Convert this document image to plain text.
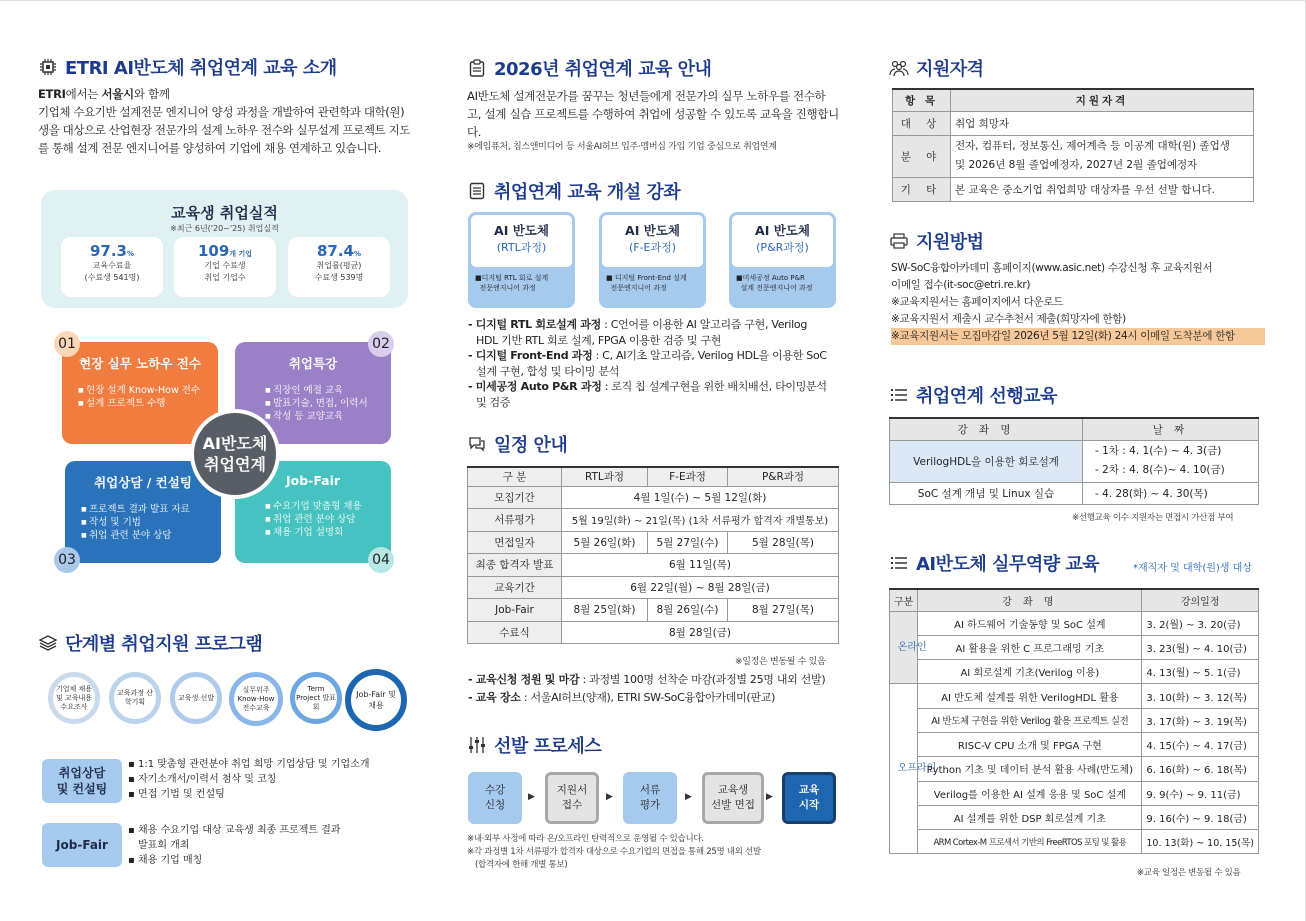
ETRI AI반도체 취업연계 교육 소개
ETRI에서는 서울시와 함께
기업체 수요기반 설계전문 엔지니어 양성 과정을 개발하여 관련학과 대학(원)생을 대상으로 산업현장 전문가의 설계 노하우 전수와 실무설계 프로젝트 지도를 통해 설계 전문 엔지니어를 양성하여 기업에 채용 연계하고 있습니다.
교육생 취업실적
※최근 6년('20~'25) 취업실적
97.3%
교육수료율
(수료생 541명)
109개 기업
기업 수료생
취업 기업수
87.4%
취업률(평균)
수료생 539명
현장 실무 노하우 전수
■ 현장 설계 Know-How 전수
■ 설계 프로젝트 수행
취업특강
■ 직장인 예절 교육
■ 발표기술, 면접, 이력서
■ 작성 등 교양교육
취업상담 / 컨설팅
■ 프로젝트 결과 발표 자료
■ 작성 및 기법
■ 취업 관련 분야 상담
Job-Fair
■ 수요기업 맞춤형 채용
■ 취업 관련 분야 상담
■ 채용 기업 설명회
01	02
03	04
AI반도체
취업연계
단계별 취업지원 프로그램
기업체 채용 및 교육내용 수요조사
교육과정 산학기획
교육생 선발
실무위주 Know-How 전수교육
Term Project 발표회
Job-Fair 및 채용
취업상담
및 컨설팅
▪ 1:1 맞춤형 관련분야 취업 희망 기업상담 및 기업소개
▪ 자기소개서/이력서 첨삭 및 코칭
▪ 면접 기법 및 컨설팅
Job-Fair
▪ 채용 수요기업 대상 교육생 최종 프로젝트 결과
발표회 개최
▪ 채용 기업 매칭
2026년 취업연계 교육 안내
AI반도체 설계전문가를 꿈꾸는 청년들에게 전문가의 실무 노하우를 전수하고, 설계 실습 프로젝트를 수행하여 취업에 성공할 수 있도록 교육을 진행합니다.
※에임퓨처, 칩스앤미디어 등 서울AI허브 입주·멤버십 가입 기업 중심으로 취업연계
취업연계 교육 개설 강좌
AI 반도체
(RTL과정)
■디지털 RTL 회로 설계
전문엔지니어 과정
AI 반도체
(F-E과정)
■ 디지털 Front-End 설계
전문엔지니어 과정
AI 반도체
(P&R과정)
■미세공정 Auto P&R
설계 전문엔지니어 과정
- 디지털 RTL 회로설계 과정 : C언어를 이용한 AI 알고리즘 구현, Verilog
HDL 기반 RTL 회로 설계, FPGA 이용한 검증 및 구현
- 디지털 Front-End 과정 : C, AI기초 알고리즘, Verilog HDL을 이용한 SoC
설계 구현, 합성 및 타이밍 분석
- 미세공정 Auto P&R 과정 : 로직 칩 설계구현을 위한 배치배선, 타이밍분석
및 검증
일정 안내
구 분	RTL과정	F-E과정	P&R과정
모집기간	4월 1일(수) ~ 5월 12일(화)		
서류평가	5월 19일(화) ~ 21일(목) (1차 서류평가 합격자 개별통보)		
면접일자	5월 26일(화)	5월 27일(수)	5월 28일(목)
최종 합격자 발표	6월 11일(목)		
교육기간	6월 22일(월) ~ 8월 28일(금)		
Job-Fair	8월 25일(화)	8월 26일(수)	8월 27일(목)
수료식	8월 28일(금)		
※일정은 변동될 수 있음
- 교육신청 정원 및 마감 : 과정별 100명 선착순 마감(과정별 25명 내외 선발)
- 교육 장소 : 서울AI허브(양재), ETRI SW-SoC융합아카데미(판교)
선발 프로세스
수강
신청
▶
지원서
접수
▶
서류
평가
▶
교육생
선발 면접
▶
교육
시작
※내·외부 사정에 따라 온/오프라인 탄력적으로 운영될 수 있습니다.
※각 과정별 1차 서류평가 합격자 대상으로 수요기업의 면접을 통해 25명 내외 선발
(합격자에 한해 개별 통보)
지원자격
항 목	지원자격
대 상	취업 희망자
분 야	전자, 컴퓨터, 정보통신, 제어계측 등 이공계 대학(원) 졸업생
및 2026년 8월 졸업예정자, 2027년 2월 졸업예정자

기 타	본 교육은 중소기업 취업희망 대상자를 우선 선발 합니다.
지원방법
SW-SoC융합아카데미 홈페이지(www.asic.net) 수강신청 후 교육지원서
이메일 접수(it-soc@etri.re.kr)
※교육지원서는 홈페이지에서 다운로드
※교육지원서 제출시 교수추천서 제출(희망자에 한함)
※교육지원서는 모집마감일 2026년 5월 12일(화) 24시 이메일 도착분에 한함
취업연계 선행교육
강 좌 명	날 짜
VerilogHDL을 이용한 회로설계	- 1차 : 4. 1(수) ~ 4. 3(금)
- 2차 : 4. 8(수)~ 4. 10(금)

SoC 설계 개념 및 Linux 실습	- 4. 28(화) ~ 4. 30(목)
※선행교육 이수 지원자는 면접시 가산점 부여
AI반도체 실무역량 교육	*재직자 및 대학(원)생 대상
구분	강 좌 명	강의일정

온라인	AI 하드웨어 기술동향 및 SoC 설계	3. 2(월) ~ 3. 20(금)
	AI 활용을 위한 C 프로그래밍 기초	3. 23(월) ~ 4. 10(금)
	AI 회로설계 기초(Verilog 이용)	4. 13(월) ~ 5. 1(금)

오프라인	AI 반도체 설계를 위한 VerilogHDL 활용	3. 10(화) ~ 3. 12(목)
	AI 반도체 구현을 위한 Verilog 활용 프로젝트 실전	3. 17(화) ~ 3. 19(목)
	RISC-V CPU 소개 및 FPGA 구현	4. 15(수) ~ 4. 17(금)
	Python 기초 및 데이터 분석 활용 사례(반도체)	6. 16(화) ~ 6. 18(목)
	Verilog를 이용한 AI 설계 응용 및 SoC 설계	9. 9(수) ~ 9. 11(금)
	AI 설계를 위한 DSP 회로설계 기초	9. 16(수) ~ 9. 18(금)
	ARM Cortex-M 프로세서 기반의 FreeRTOS 포팅 및 활용	10. 13(화) ~ 10. 15(목)
※교육 일정은 변동될 수 있음
